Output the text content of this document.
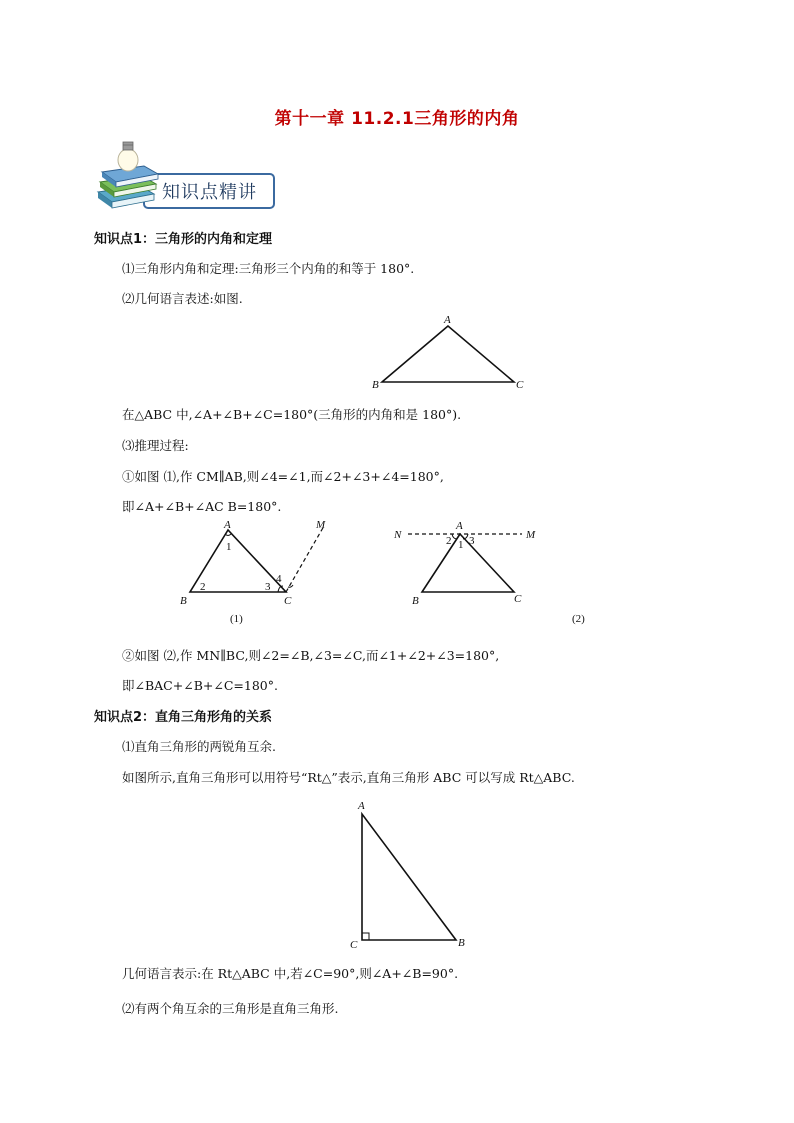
第十一章 11.2.1三角形的内角
知识点精讲
知识点1：三角形的内角和定理
⑴三角形内角和定理:三角形三个内角的和等于 180°.
⑵几何语言表述:如图.
A
B	C
在△ABC 中,∠A+∠B+∠C=180°(三角形的内角和是 180°).
⑶推理过程:
①如图 ⑴,作 CM∥AB,则∠4=∠1,而∠2+∠3+∠4=180°,
即∠A+∠B+∠AC B=180°.
A
B	C
M
1
2	3
4
(1)
A
B	C
M
N
1
2 3
(2)
②如图 ⑵,作 MN∥BC,则∠2=∠B,∠3=∠C,而∠1+∠2+∠3=180°,
即∠BAC+∠B+∠C=180°.
知识点2：直角三角形角的关系
⑴直角三角形的两锐角互余.
如图所示,直角三角形可以用符号“Rt△”表示,直角三角形 ABC 可以写成 Rt△ABC.
A
C	B
几何语言表示:在 Rt△ABC 中,若∠C=90°,则∠A+∠B=90°.
⑵有两个角互余的三角形是直角三角形.
